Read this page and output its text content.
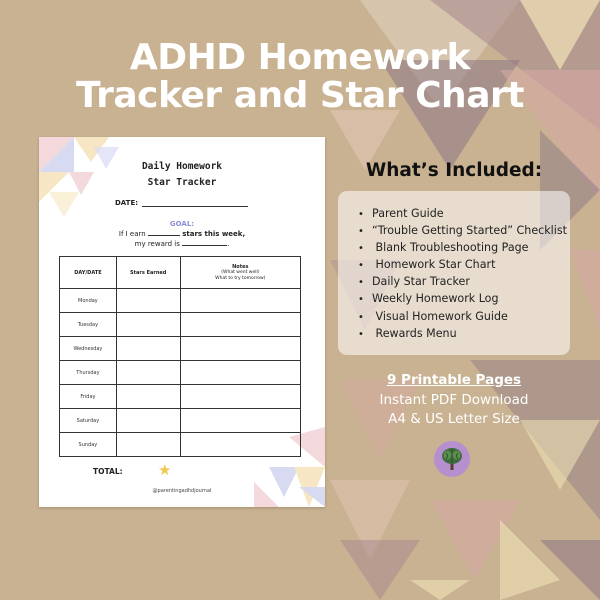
ADHD Homework
Tracker and Star Chart
Daily Homework
Star Tracker
DATE:
GOAL:
If I earn	stars this week,
my reward is	.
DAY/DATE	Stars Earned	Notes
(What went well/
What to try tomorrow)

Monday		
Tuesday		
Wednesday		
Thursday		
Friday		
Saturday		
Sunday		
TOTAL: ★
@parentingadhdjournal
What’s Included:
• Parent Guide
• “Trouble Getting Started” Checklist
• Blank Troubleshooting Page
• Homework Star Chart
• Daily Star Tracker
• Weekly Homework Log
• Visual Homework Guide
• Rewards Menu
9 Printable Pages
Instant PDF Download
A4 & US Letter Size
